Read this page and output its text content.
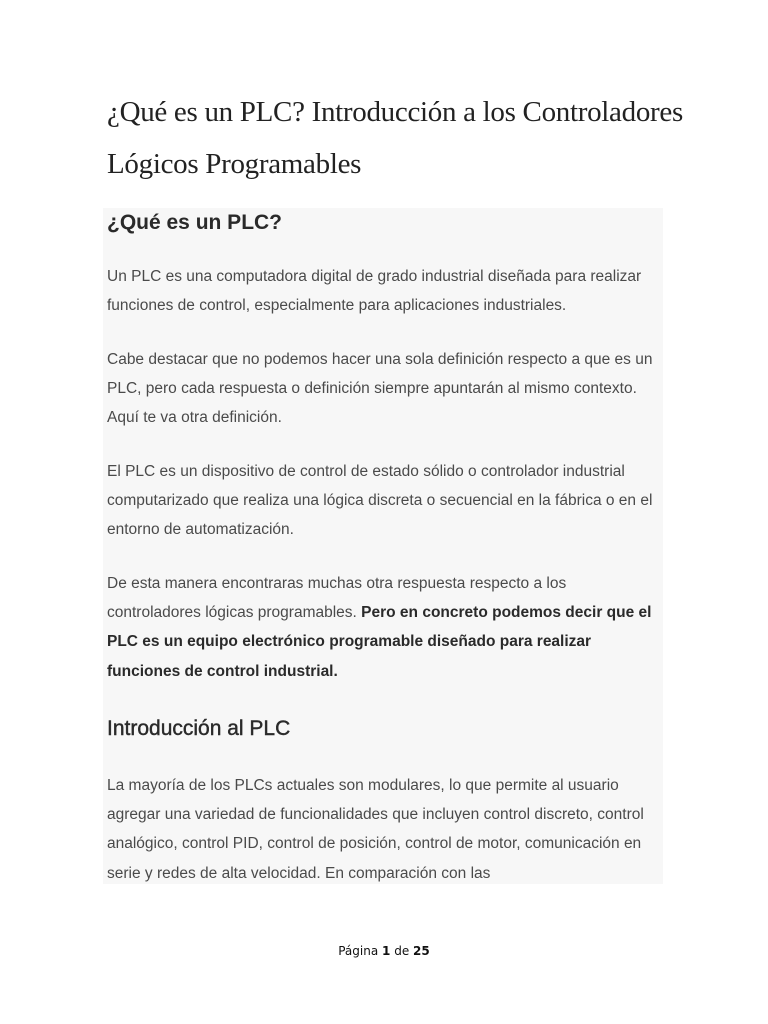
¿Qué es un PLC? Introducción a los Controladores Lógicos Programables
¿Qué es un PLC?

Un PLC es una computadora digital de grado industrial diseñada para realizar funciones de control, especialmente para aplicaciones industriales.

Cabe destacar que no podemos hacer una sola definición respecto a que es un PLC, pero cada respuesta o definición siempre apuntarán al mismo contexto. Aquí te va otra definición.

El PLC es un dispositivo de control de estado sólido o controlador industrial computarizado que realiza una lógica discreta o secuencial en la fábrica o en el entorno de automatización.

De esta manera encontraras muchas otra respuesta respecto a los controladores lógicas programables. Pero en concreto podemos decir que el PLC es un equipo electrónico programable diseñado para realizar funciones de control industrial.

Introducción al PLC

La mayoría de los PLCs actuales son modulares, lo que permite al usuario agregar una variedad de funcionalidades que incluyen control discreto, control analógico, control PID, control de posición, control de motor, comunicación en serie y redes de alta velocidad. En comparación con las

Página 1 de 25
